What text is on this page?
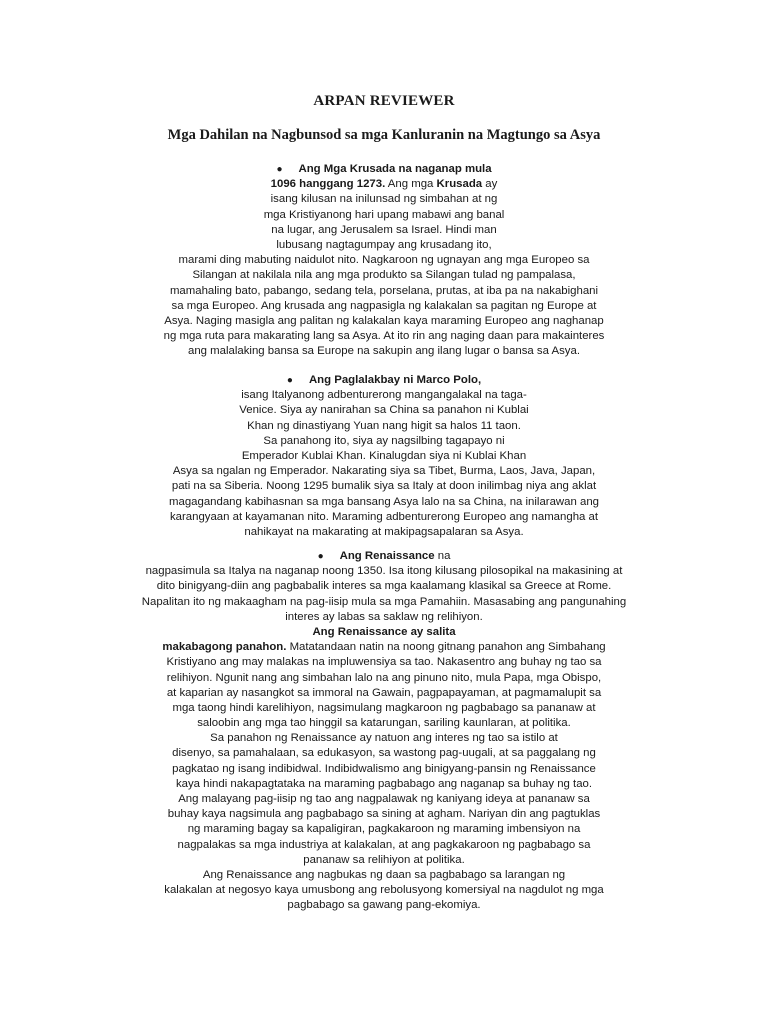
ARPAN REVIEWER
Mga Dahilan na Nagbunsod sa mga Kanluranin na Magtungo sa Asya
● Ang Mga Krusada na naganap mula
1096 hanggang 1273. Ang mga Krusada ay
isang kilusan na inilunsad ng simbahan at ng
mga Kristiyanong hari upang mabawi ang banal
na lugar, ang Jerusalem sa Israel. Hindi man
lubusang nagtagumpay ang krusadang ito,
marami ding mabuting naidulot nito. Nagkaroon ng ugnayan ang mga Europeo sa
Silangan at nakilala nila ang mga produkto sa Silangan tulad ng pampalasa,
mamahaling bato, pabango, sedang tela, porselana, prutas, at iba pa na nakabighani
sa mga Europeo. Ang krusada ang nagpasigla ng kalakalan sa pagitan ng Europe at
Asya. Naging masigla ang palitan ng kalakalan kaya maraming Europeo ang naghanap
ng mga ruta para makarating lang sa Asya. At ito rin ang naging daan para makainteres
ang malalaking bansa sa Europe na sakupin ang ilang lugar o bansa sa Asya.
● Ang Paglalakbay ni Marco Polo,
isang Italyanong adbenturerong mangangalakal na taga-
Venice. Siya ay nanirahan sa China sa panahon ni Kublai
Khan ng dinastiyang Yuan nang higit sa halos 11 taon.
Sa panahong ito, siya ay nagsilbing tagapayo ni
Emperador Kublai Khan. Kinalugdan siya ni Kublai Khan
Asya sa ngalan ng Emperador. Nakarating siya sa Tibet, Burma, Laos, Java, Japan,
pati na sa Siberia. Noong 1295 bumalik siya sa Italy at doon inilimbag niya ang aklat
magagandang kabihasnan sa mga bansang Asya lalo na sa China, na inilarawan ang
karangyaan at kayamanan nito. Maraming adbenturerong Europeo ang namangha at
nahikayat na makarating at makipagsapalaran sa Asya.
● Ang Renaissance na
nagpasimula sa Italya na naganap noong 1350. Isa itong kilusang pilosopikal na makasining at
dito binigyang-diin ang pagbabalik interes sa mga kaalamang klasikal sa Greece at Rome.
Napalitan ito ng makaagham na pag-iisip mula sa mga Pamahiin. Masasabing ang pangunahing
interes ay labas sa saklaw ng relihiyon.
Ang Renaissance ay salita
makabagong panahon. Matatandaan natin na noong gitnang panahon ang Simbahang
Kristiyano ang may malakas na impluwensiya sa tao. Nakasentro ang buhay ng tao sa
relihiyon. Ngunit nang ang simbahan lalo na ang pinuno nito, mula Papa, mga Obispo,
at kaparian ay nasangkot sa immoral na Gawain, pagpapayaman, at pagmamalupit sa
mga taong hindi karelihiyon, nagsimulang magkaroon ng pagbabago sa pananaw at
saloobin ang mga tao hinggil sa katarungan, sariling kaunlaran, at politika.
Sa panahon ng Renaissance ay natuon ang interes ng tao sa istilo at
disenyo, sa pamahalaan, sa edukasyon, sa wastong pag-uugali, at sa paggalang ng
pagkatao ng isang indibidwal. Indibidwalismo ang binigyang-pansin ng Renaissance
kaya hindi nakapagtataka na maraming pagbabago ang naganap sa buhay ng tao.
Ang malayang pag-iisip ng tao ang nagpalawak ng kaniyang ideya at pananaw sa
buhay kaya nagsimula ang pagbabago sa sining at agham. Nariyan din ang pagtuklas
ng maraming bagay sa kapaligiran, pagkakaroon ng maraming imbensiyon na
nagpalakas sa mga industriya at kalakalan, at ang pagkakaroon ng pagbabago sa
pananaw sa relihiyon at politika.
Ang Renaissance ang nagbukas ng daan sa pagbabago sa larangan ng
kalakalan at negosyo kaya umusbong ang rebolusyong komersiyal na nagdulot ng mga
pagbabago sa gawang pang-ekomiya.
